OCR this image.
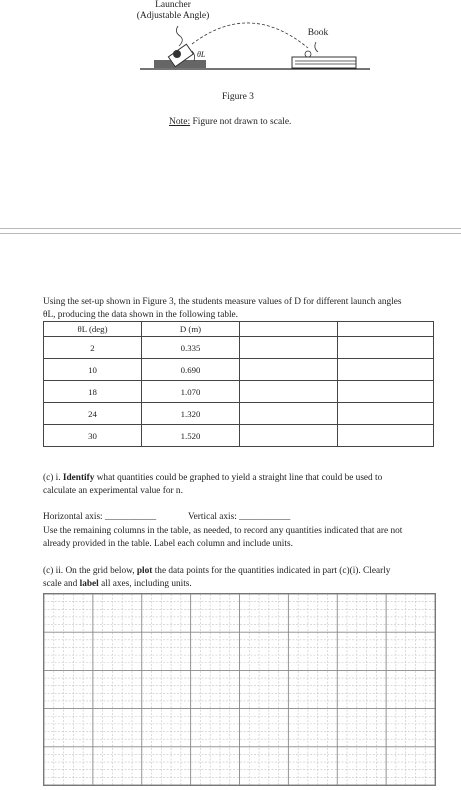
Launcher
(Adjustable Angle)
Book
θL
Figure 3
Note: Figure not drawn to scale.
Using the set-up shown in Figure 3, the students measure values of D for different launch angles
θL, producing the data shown in the following table.
θL (deg)	D (m)		
2	0.335		
10	0.690		
18	1.070		
24	1.320		
30	1.520		
(c) i. Identify what quantities could be graphed to yield a straight line that could be used to
calculate an experimental value for n.
Horizontal axis: ___________	Vertical axis: ___________
Use the remaining columns in the table, as needed, to record any quantities indicated that are not
already provided in the table. Label each column and include units.
(c) ii. On the grid below, plot the data points for the quantities indicated in part (c)(i). Clearly
scale and label all axes, including units.
